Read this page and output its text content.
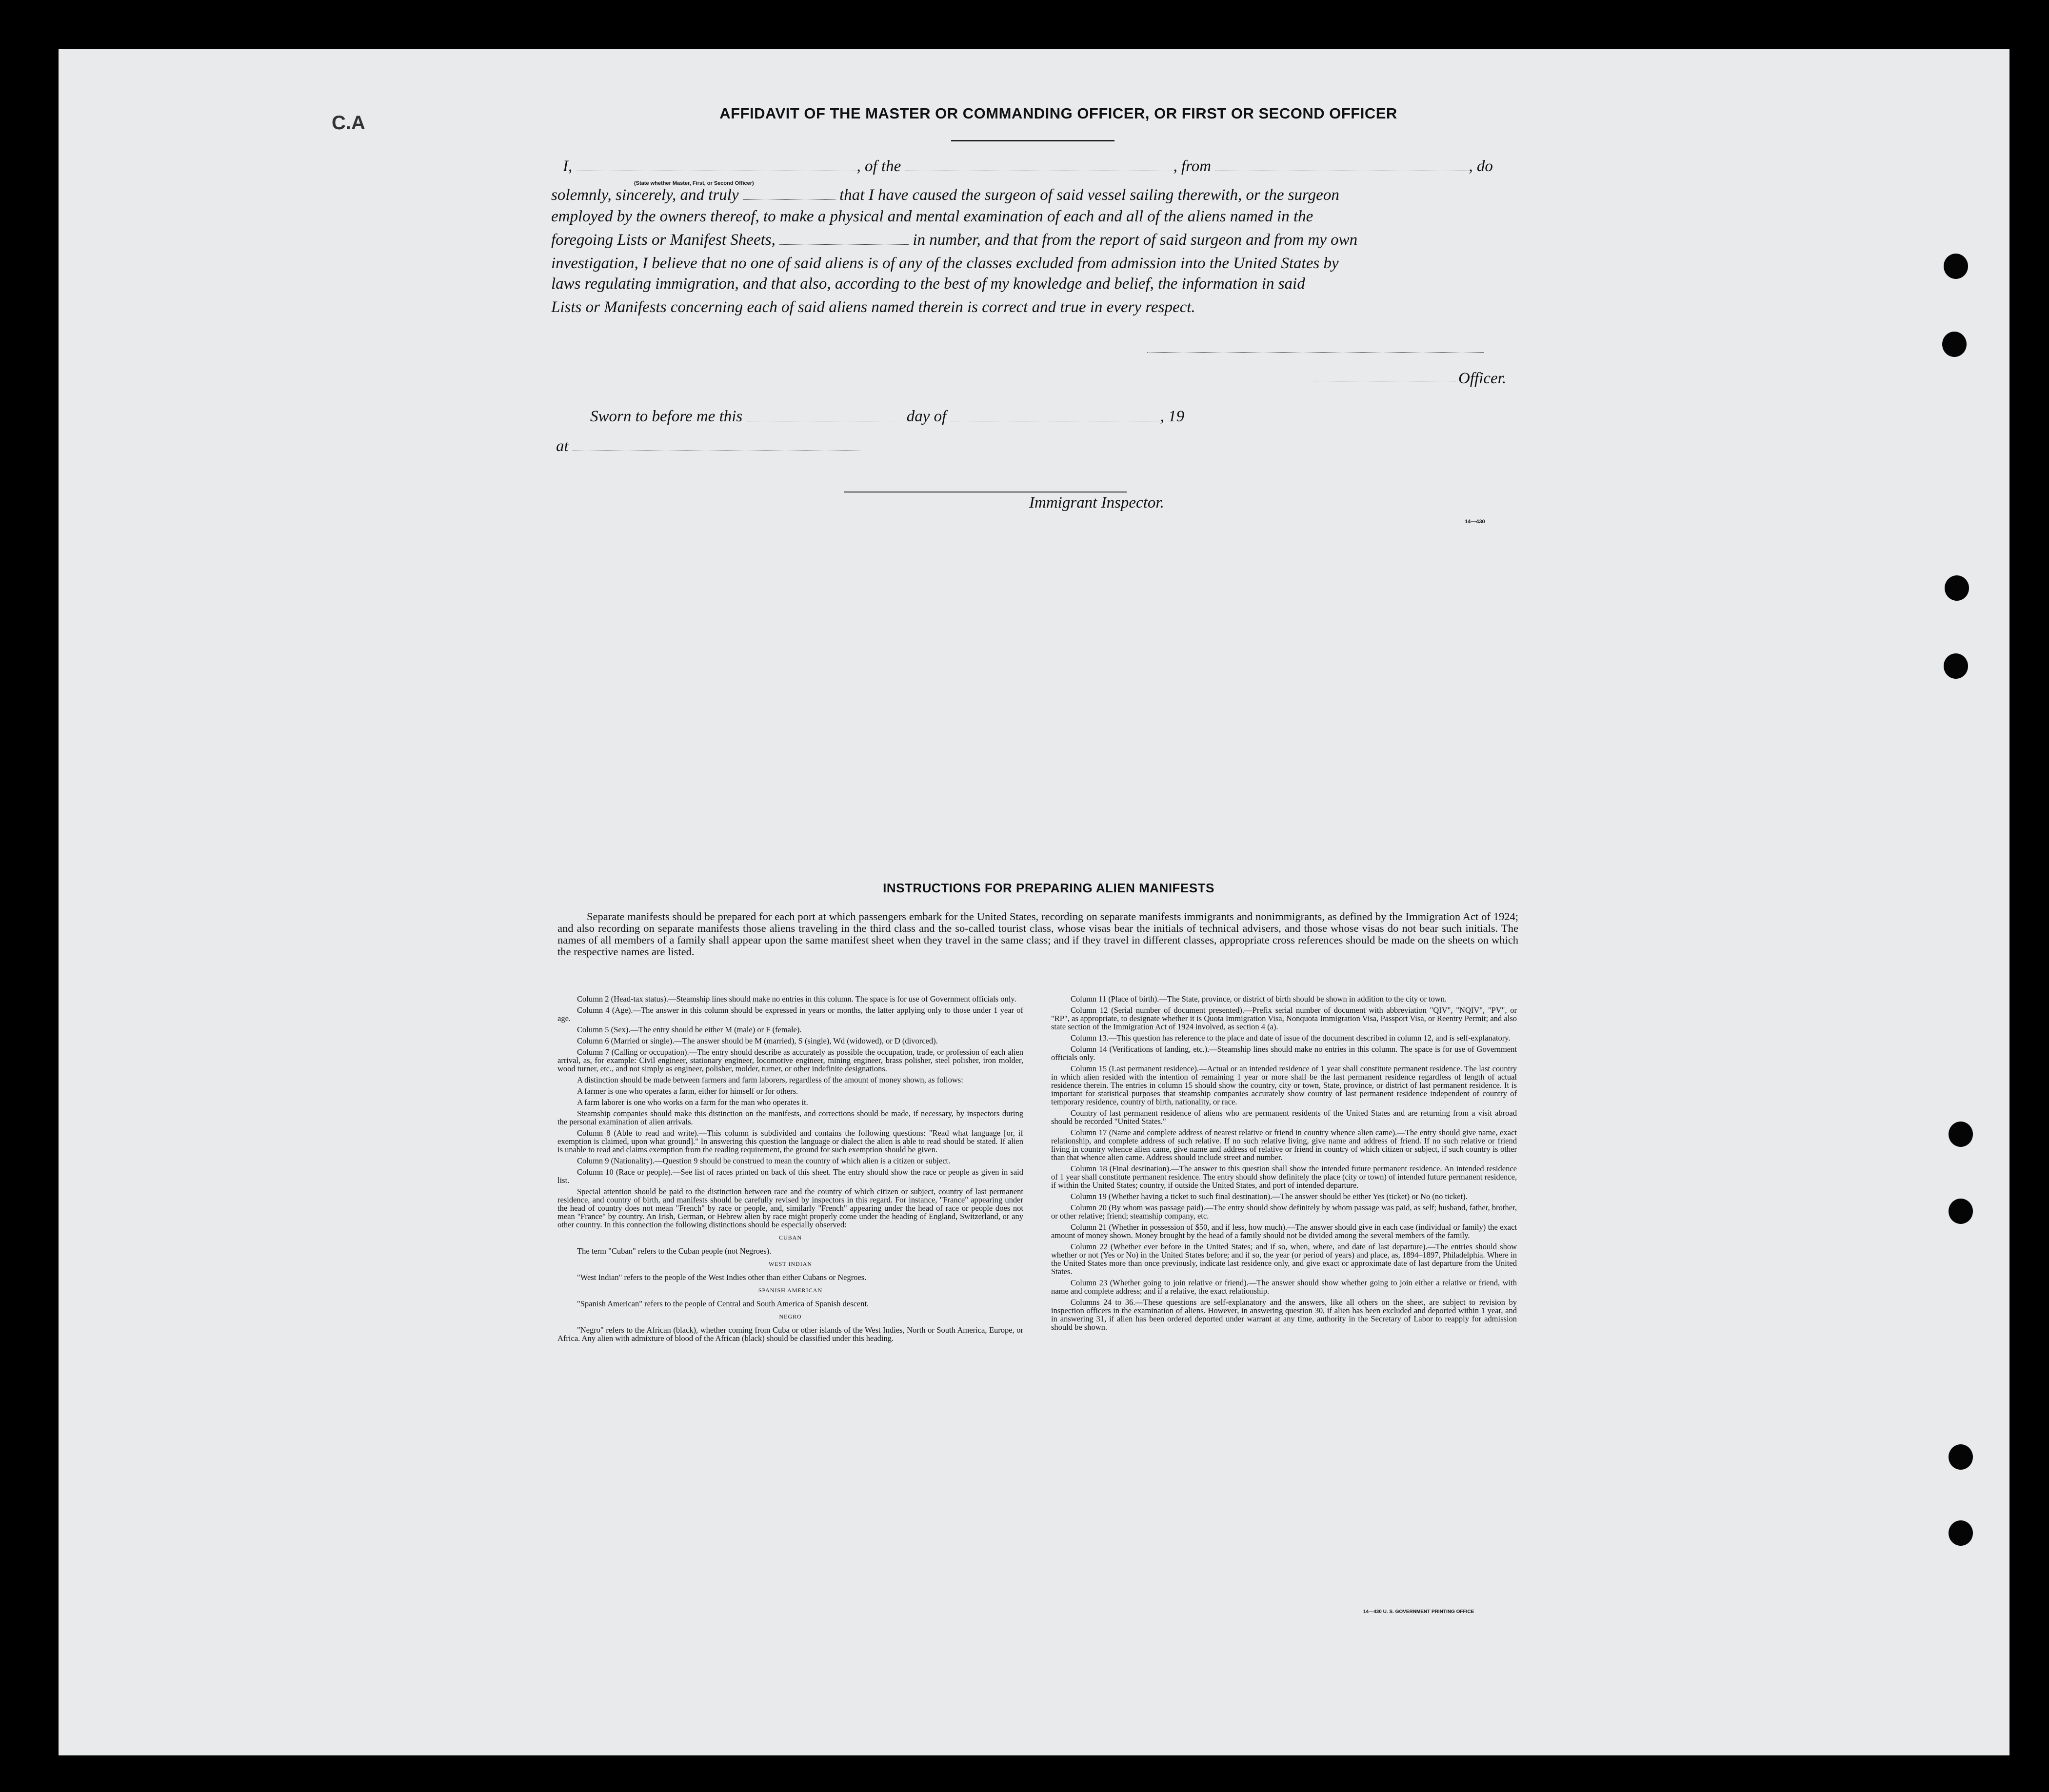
C.A	AFFIDAVIT OF THE MASTER OR COMMANDING OFFICER, OR FIRST OR SECOND OFFICER
I,	, of the	, from	, do
(State whether Master, First, or Second Officer)
solemnly, sincerely, and truly	that I have caused the surgeon of said vessel sailing therewith, or the surgeon
employed by the owners thereof, to make a physical and mental examination of each and all of the aliens named in the
foregoing Lists or Manifest Sheets,	in number, and that from the report of said surgeon and from my own
investigation, I believe that no one of said aliens is of any of the classes excluded from admission into the United States by
laws regulating immigration, and that also, according to the best of my knowledge and belief, the information in said
Lists or Manifests concerning each of said aliens named therein is correct and true in every respect.
Officer.
Sworn to before me this	day of	, 19
at
Immigrant Inspector.
14—430
INSTRUCTIONS FOR PREPARING ALIEN MANIFESTS

Separate manifests should be prepared for each port at which passengers embark for the United States, recording on separate manifests immigrants and nonimmigrants, as defined by the Immigration Act of 1924; and also recording on separate manifests those aliens traveling in the third class and the so-called tourist class, whose visas bear the initials of technical advisers, and those whose visas do not bear such initials. The names of all members of a family shall appear upon the same manifest sheet when they travel in the same class; and if they travel in different classes, appropriate cross references should be made on the sheets on which the respective names are listed.

Column 2 (Head-tax status).—Steamship lines should make no entries in this column. The space is for use of Government officials only.

Column 4 (Age).—The answer in this column should be expressed in years or months, the latter applying only to those under 1 year of age.

Column 5 (Sex).—The entry should be either M (male) or F (female).

Column 6 (Married or single).—The answer should be M (married), S (single), Wd (widowed), or D (divorced).

Column 7 (Calling or occupation).—The entry should describe as accurately as possible the occupation, trade, or profession of each alien arrival, as, for example: Civil engineer, stationary engineer, locomotive engineer, mining engineer, brass polisher, steel polisher, iron molder, wood turner, etc., and not simply as engineer, polisher, molder, turner, or other indefinite designations.

A distinction should be made between farmers and farm laborers, regardless of the amount of money shown, as follows:

A farmer is one who operates a farm, either for himself or for others.

A farm laborer is one who works on a farm for the man who operates it.

Steamship companies should make this distinction on the manifests, and corrections should be made, if necessary, by inspectors during the personal examination of alien arrivals.

Column 8 (Able to read and write).—This column is subdivided and contains the following questions: "Read what language [or, if exemption is claimed, upon what ground]." In answering this question the language or dialect the alien is able to read should be stated. If alien is unable to read and claims exemption from the reading requirement, the ground for such exemption should be given.

Column 9 (Nationality).—Question 9 should be construed to mean the country of which alien is a citizen or subject.

Column 10 (Race or people).—See list of races printed on back of this sheet. The entry should show the race or people as given in said list.

Special attention should be paid to the distinction between race and the country of which citizen or subject, country of last permanent residence, and country of birth, and manifests should be carefully revised by inspectors in this regard. For instance, "France" appearing under the head of country does not mean "French" by race or people, and, similarly "French" appearing under the head of race or people does not mean "France" by country. An Irish, German, or Hebrew alien by race might properly come under the heading of England, Switzerland, or any other country. In this connection the following distinctions should be especially observed:

CUBAN

The term "Cuban" refers to the Cuban people (not Negroes).

WEST INDIAN

"West Indian" refers to the people of the West Indies other than either Cubans or Negroes.

SPANISH AMERICAN

"Spanish American" refers to the people of Central and South America of Spanish descent.

NEGRO

"Negro" refers to the African (black), whether coming from Cuba or other islands of the West Indies, North or South America, Europe, or Africa. Any alien with admixture of blood of the African (black) should be classified under this heading.

Column 11 (Place of birth).—The State, province, or district of birth should be shown in addition to the city or town.

Column 12 (Serial number of document presented).—Prefix serial number of document with abbreviation "QIV", "NQIV", "PV", or "RP", as appropriate, to designate whether it is Quota Immigration Visa, Nonquota Immigration Visa, Passport Visa, or Reentry Permit; and also state section of the Immigration Act of 1924 involved, as section 4 (a).

Column 13.—This question has reference to the place and date of issue of the document described in column 12, and is self-explanatory.

Column 14 (Verifications of landing, etc.).—Steamship lines should make no entries in this column. The space is for use of Government officials only.

Column 15 (Last permanent residence).—Actual or an intended residence of 1 year shall constitute permanent residence. The last country in which alien resided with the intention of remaining 1 year or more shall be the last permanent residence regardless of length of actual residence therein. The entries in column 15 should show the country, city or town, State, province, or district of last permanent residence. It is important for statistical purposes that steamship companies accurately show country of last permanent residence independent of country of temporary residence, country of birth, nationality, or race.

Country of last permanent residence of aliens who are permanent residents of the United States and are returning from a visit abroad should be recorded "United States."

Column 17 (Name and complete address of nearest relative or friend in country whence alien came).—The entry should give name, exact relationship, and complete address of such relative. If no such relative living, give name and address of friend. If no such relative or friend living in country whence alien came, give name and address of relative or friend in country of which citizen or subject, if such country is other than that whence alien came. Address should include street and number.

Column 18 (Final destination).—The answer to this question shall show the intended future permanent residence. An intended residence of 1 year shall constitute permanent residence. The entry should show definitely the place (city or town) of intended future permanent residence, if within the United States; country, if outside the United States, and port of intended departure.

Column 19 (Whether having a ticket to such final destination).—The answer should be either Yes (ticket) or No (no ticket).

Column 20 (By whom was passage paid).—The entry should show definitely by whom passage was paid, as self; husband, father, brother, or other relative; friend; steamship company, etc.

Column 21 (Whether in possession of $50, and if less, how much).—The answer should give in each case (individual or family) the exact amount of money shown. Money brought by the head of a family should not be divided among the several members of the family.

Column 22 (Whether ever before in the United States; and if so, when, where, and date of last departure).—The entries should show whether or not (Yes or No) in the United States before; and if so, the year (or period of years) and place, as, 1894–1897, Philadelphia. Where in the United States more than once previously, indicate last residence only, and give exact or approximate date of last departure from the United States.

Column 23 (Whether going to join relative or friend).—The answer should show whether going to join either a relative or friend, with name and complete address; and if a relative, the exact relationship.

Columns 24 to 36.—These questions are self-explanatory and the answers, like all others on the sheet, are subject to revision by inspection officers in the examination of aliens. However, in answering question 30, if alien has been excluded and deported within 1 year, and in answering 31, if alien has been ordered deported under warrant at any time, authority in the Secretary of Labor to reapply for admission should be shown.

14—430 U. S. GOVERNMENT PRINTING OFFICE
